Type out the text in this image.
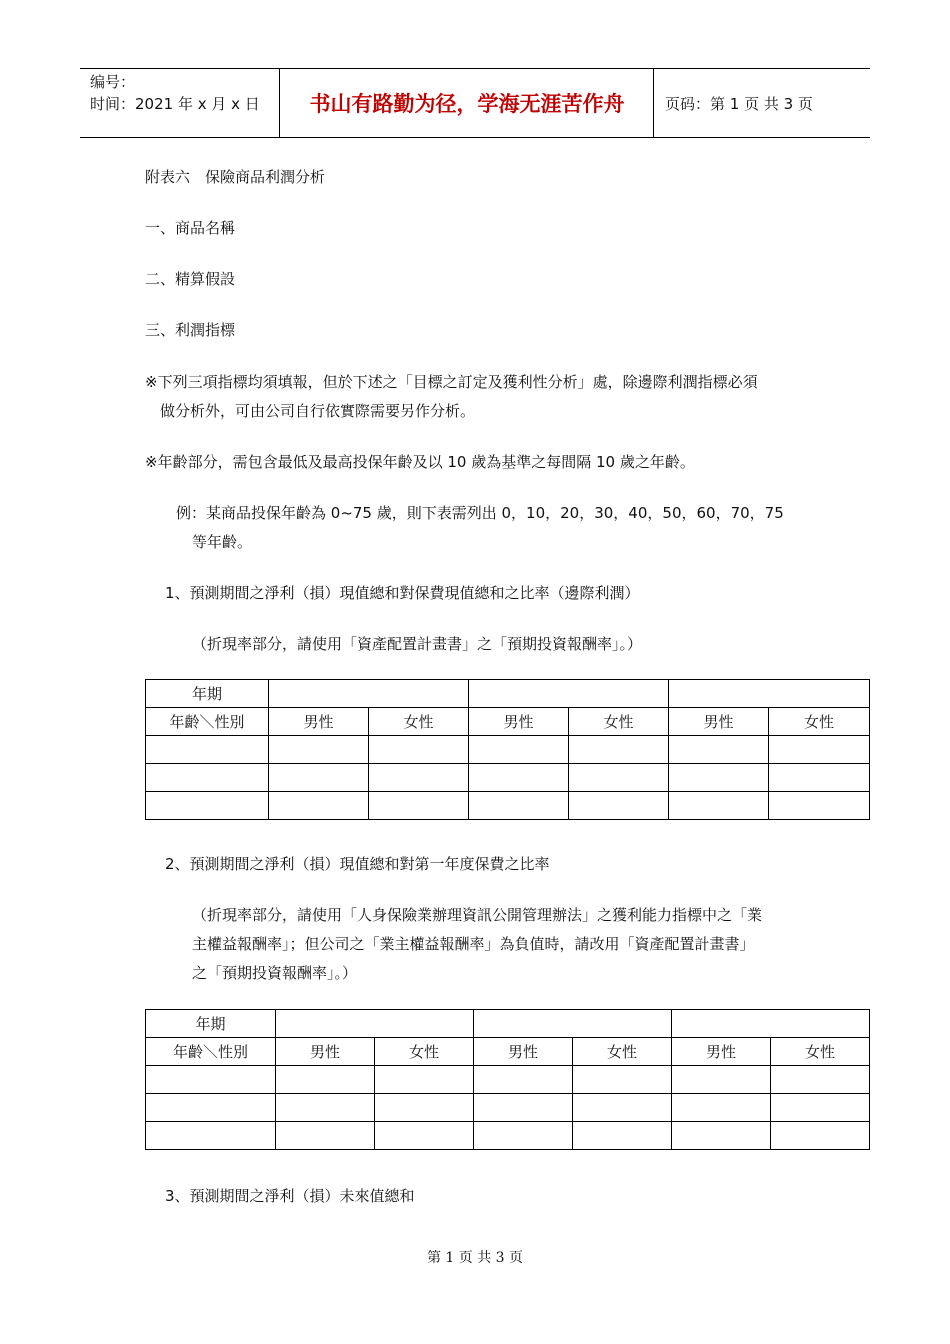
编号：
时间：2021 年 x 月 x 日	书山有路勤为径，学海无涯苦作舟	页码：第 1 页 共 3 页
附表六　保險商品利潤分析
一、商品名稱
二、精算假設
三、利潤指標
※下列三項指標均須填報，但於下述之「目標之訂定及獲利性分析」處，除邊際利潤指標必須
做分析外，可由公司自行依實際需要另作分析。
※年齡部分，需包含最低及最高投保年齡及以 10 歲為基準之每間隔 10 歲之年齡。
例：某商品投保年齡為 0~75 歲，則下表需列出 0，10，20，30，40，50，60，70，75
等年齡。
1、預測期間之淨利（損）現值總和對保費現值總和之比率（邊際利潤）
（折現率部分，請使用「資產配置計畫書」之「預期投資報酬率」。）
年期						
年齡＼性別	男性	女性	男性	女性	男性	女性

2、預測期間之淨利（損）現值總和對第一年度保費之比率
（折現率部分，請使用「人身保險業辦理資訊公開管理辦法」之獲利能力指標中之「業
主權益報酬率」；但公司之「業主權益報酬率」為負值時，請改用「資產配置計畫書」
之「預期投資報酬率」。）
年期						
年齡＼性別	男性	女性	男性	女性	男性	女性

3、預測期間之淨利（損）未來值總和
第 1 页 共 3 页
